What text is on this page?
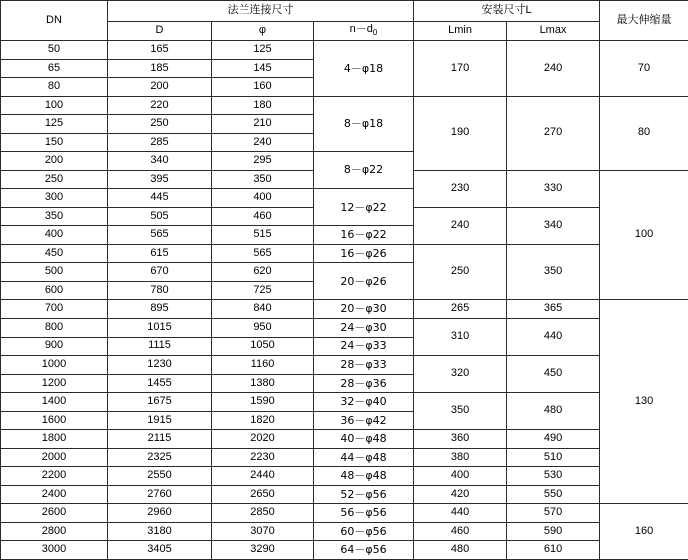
DN	法兰连接尺寸			安装尺寸L		最大伸缩量
	D	φ	$n-d_0$	Lmin	Lmax	
50	165	125	4－φ18	170	240	70
65	185	145				
80	200	160				
100	220	180	8－φ18	190	270	80
125	250	210				
150	285	240				
200	340	295	8－φ22			
250	395	350		230	330	100
300	445	400	12－φ22			
350	505	460		240	340	
400	565	515	16－φ22			
450	615	565	16－φ26	250	350	
500	670	620	20－φ26			
600	780	725				
700	895	840	20－φ30	265	365	130
800	1015	950	24－φ30	310	440	
900	1115	1050	24－φ33			
1000	1230	1160	28－φ33	320	450	
1200	1455	1380	28－φ36			
1400	1675	1590	32－φ40	350	480	
1600	1915	1820	36－φ42			
1800	2115	2020	40－φ48	360	490	
2000	2325	2230	44－φ48	380	510	
2200	2550	2440	48－φ48	400	530	
2400	2760	2650	52－φ56	420	550	
2600	2960	2850	56－φ56	440	570	160
2800	3180	3070	60－φ56	460	590	
3000	3405	3290	64－φ56	480	610	
